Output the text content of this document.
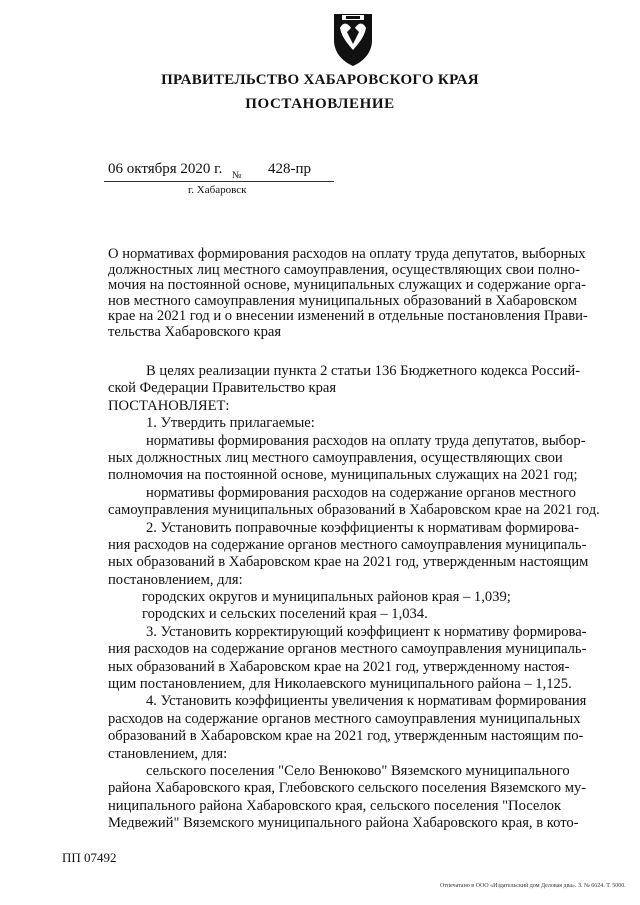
ПРАВИТЕЛЬСТВО ХАБАРОВСКОГО КРАЯ
ПОСТАНОВЛЕНИЕ
06 октября 2020 г. № 428-пр
г. Хабаровск
О нормативах формирования расходов на оплату труда депутатов, выборных
должностных лиц местного самоуправления, осуществляющих свои полно-
мочия на постоянной основе, муниципальных служащих и содержание орга-
нов местного самоуправления муниципальных образований в Хабаровском
крае на 2021 год и о внесении изменений в отдельные постановления Прави-
тельства Хабаровского края
В целях реализации пункта 2 статьи 136 Бюджетного кодекса Россий-
ской Федерации Правительство края
ПОСТАНОВЛЯЕТ:
1. Утвердить прилагаемые:
нормативы формирования расходов на оплату труда депутатов, выбор-
ных должностных лиц местного самоуправления, осуществляющих свои
полномочия на постоянной основе, муниципальных служащих на 2021 год;
нормативы формирования расходов на содержание органов местного
самоуправления муниципальных образований в Хабаровском крае на 2021 год.
2. Установить поправочные коэффициенты к нормативам формирова-
ния расходов на содержание органов местного самоуправления муниципаль-
ных образований в Хабаровском крае на 2021 год, утвержденным настоящим
постановлением, для:
городских округов и муниципальных районов края – 1,039;
городских и сельских поселений края – 1,034.
3. Установить корректирующий коэффициент к нормативу формирова-
ния расходов на содержание органов местного самоуправления муниципаль-
ных образований в Хабаровском крае на 2021 год, утвержденному настоя-
щим постановлением, для Николаевского муниципального района – 1,125.
4. Установить коэффициенты увеличения к нормативам формирования
расходов на содержание органов местного самоуправления муниципальных
образований в Хабаровском крае на 2021 год, утвержденным настоящим по-
становлением, для:
сельского поселения "Село Венюково" Вяземского муниципального
района Хабаровского края, Глебовского сельского поселения Вяземского му-
ниципального района Хабаровского края, сельского поселения "Поселок
Медвежий" Вяземского муниципального района Хабаровского края, в кото-
ПП 07492
Отпечатано в ООО «Издательский дом Деловая два». З. № 6624. Т. 5000.
